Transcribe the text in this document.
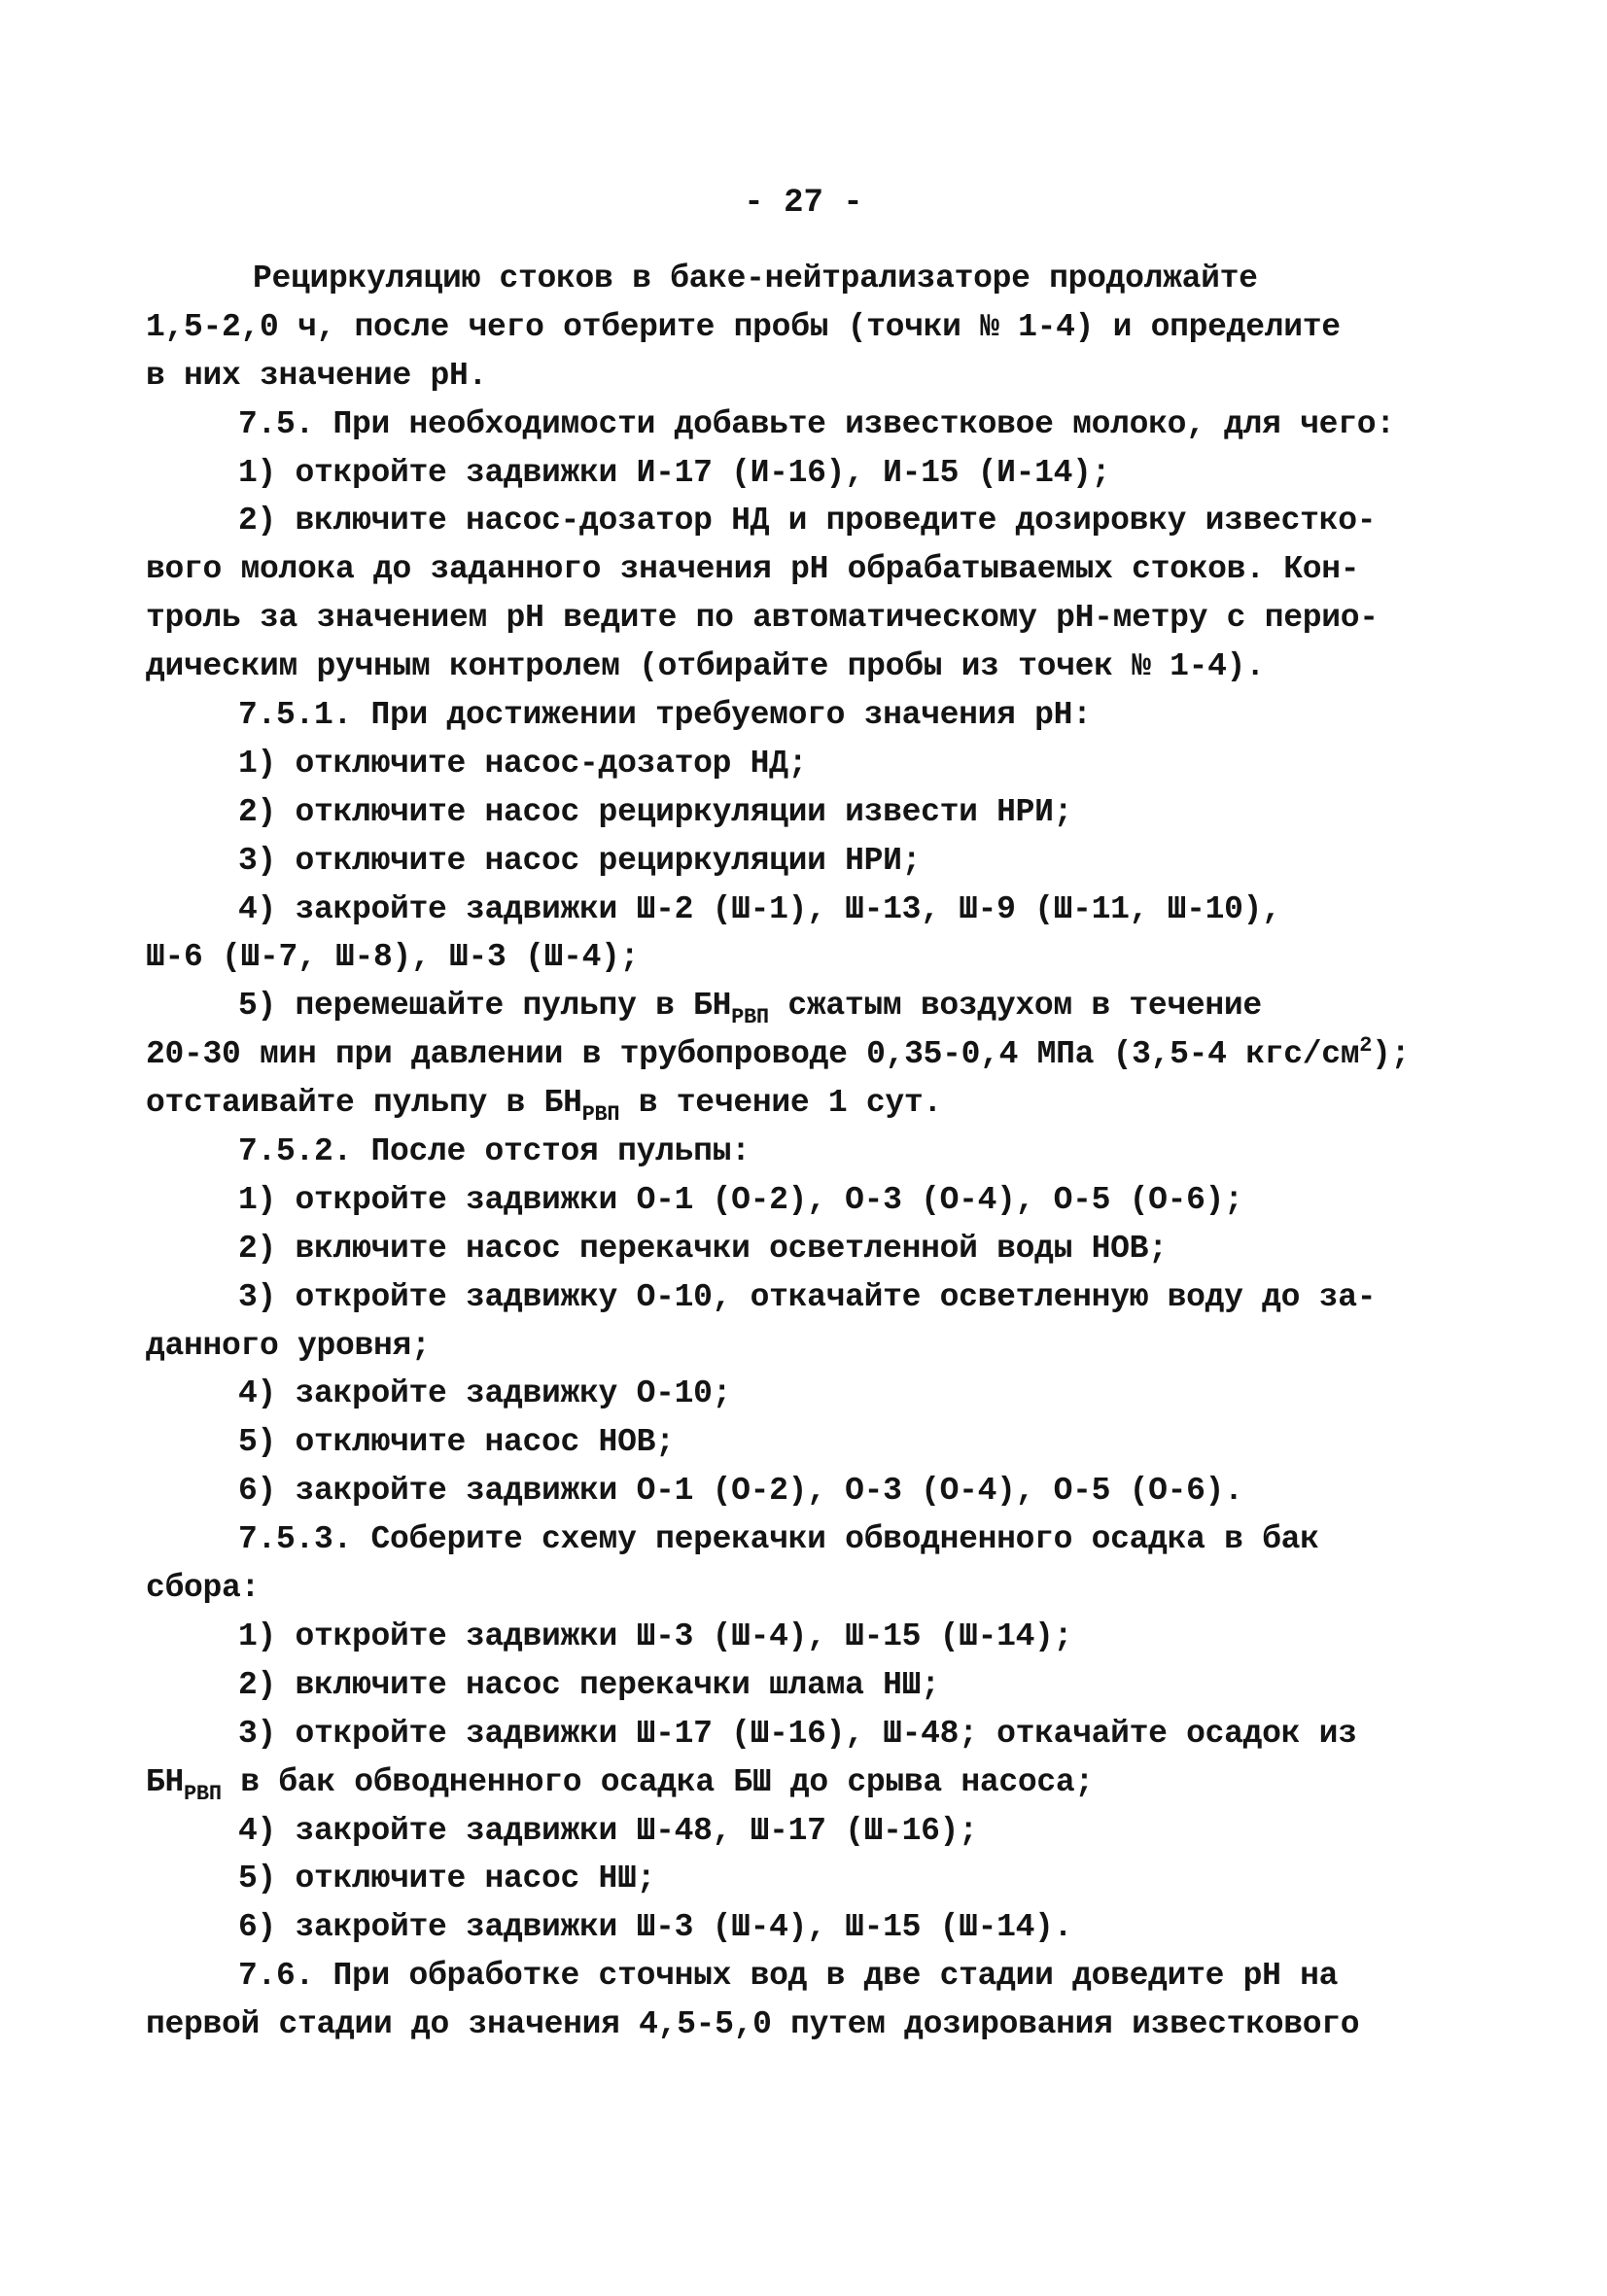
- 27 -
Рециркуляцию стоков в баке-нейтрализаторе продолжайте
1,5-2,0 ч, после чего отберите пробы (точки № 1-4) и определите
в них значение рН.
7.5. При необходимости добавьте известковое молоко, для чего:
1) откройте задвижки И-17 (И-16), И-15 (И-14);
2) включите насос-дозатор НД и проведите дозировку известко-
вого молока до заданного значения рН обрабатываемых стоков. Кон-
троль за значением рН ведите по автоматическому рН-метру с перио-
дическим ручным контролем (отбирайте пробы из точек № 1-4).
7.5.1. При достижении требуемого значения рН:
1) отключите насос-дозатор НД;
2) отключите насос рециркуляции извести НРИ;
3) отключите насос рециркуляции НРИ;
4) закройте задвижки Ш-2 (Ш-1), Ш-13, Ш-9 (Ш-11, Ш-10),
Ш-6 (Ш-7, Ш-8), Ш-3 (Ш-4);
5) перемешайте пульпу в $БН_{РВП}$ сжатым воздухом в течение
20-30 мин при давлении в трубопроводе 0,35-0,4 МПа (3,5-4 кгс/$см^2$);
отстаивайте пульпу в $БН_{РВП}$ в течение 1 сут.
7.5.2. После отстоя пульпы:
1) откройте задвижки О-1 (О-2), О-3 (О-4), О-5 (О-6);
2) включите насос перекачки осветленной воды НОВ;
3) откройте задвижку О-10, откачайте осветленную воду до за-
данного уровня;
4) закройте задвижку О-10;
5) отключите насос НОВ;
6) закройте задвижки О-1 (О-2), О-3 (О-4), О-5 (О-6).
7.5.3. Соберите схему перекачки обводненного осадка в бак
сбора:
1) откройте задвижки Ш-3 (Ш-4), Ш-15 (Ш-14);
2) включите насос перекачки шлама НШ;
3) откройте задвижки Ш-17 (Ш-16), Ш-48; откачайте осадок из
$БН_{РВП}$ в бак обводненного осадка БШ до срыва насоса;
4) закройте задвижки Ш-48, Ш-17 (Ш-16);
5) отключите насос НШ;
6) закройте задвижки Ш-3 (Ш-4), Ш-15 (Ш-14).
7.6. При обработке сточных вод в две стадии доведите рН на
первой стадии до значения 4,5-5,0 путем дозирования известкового
